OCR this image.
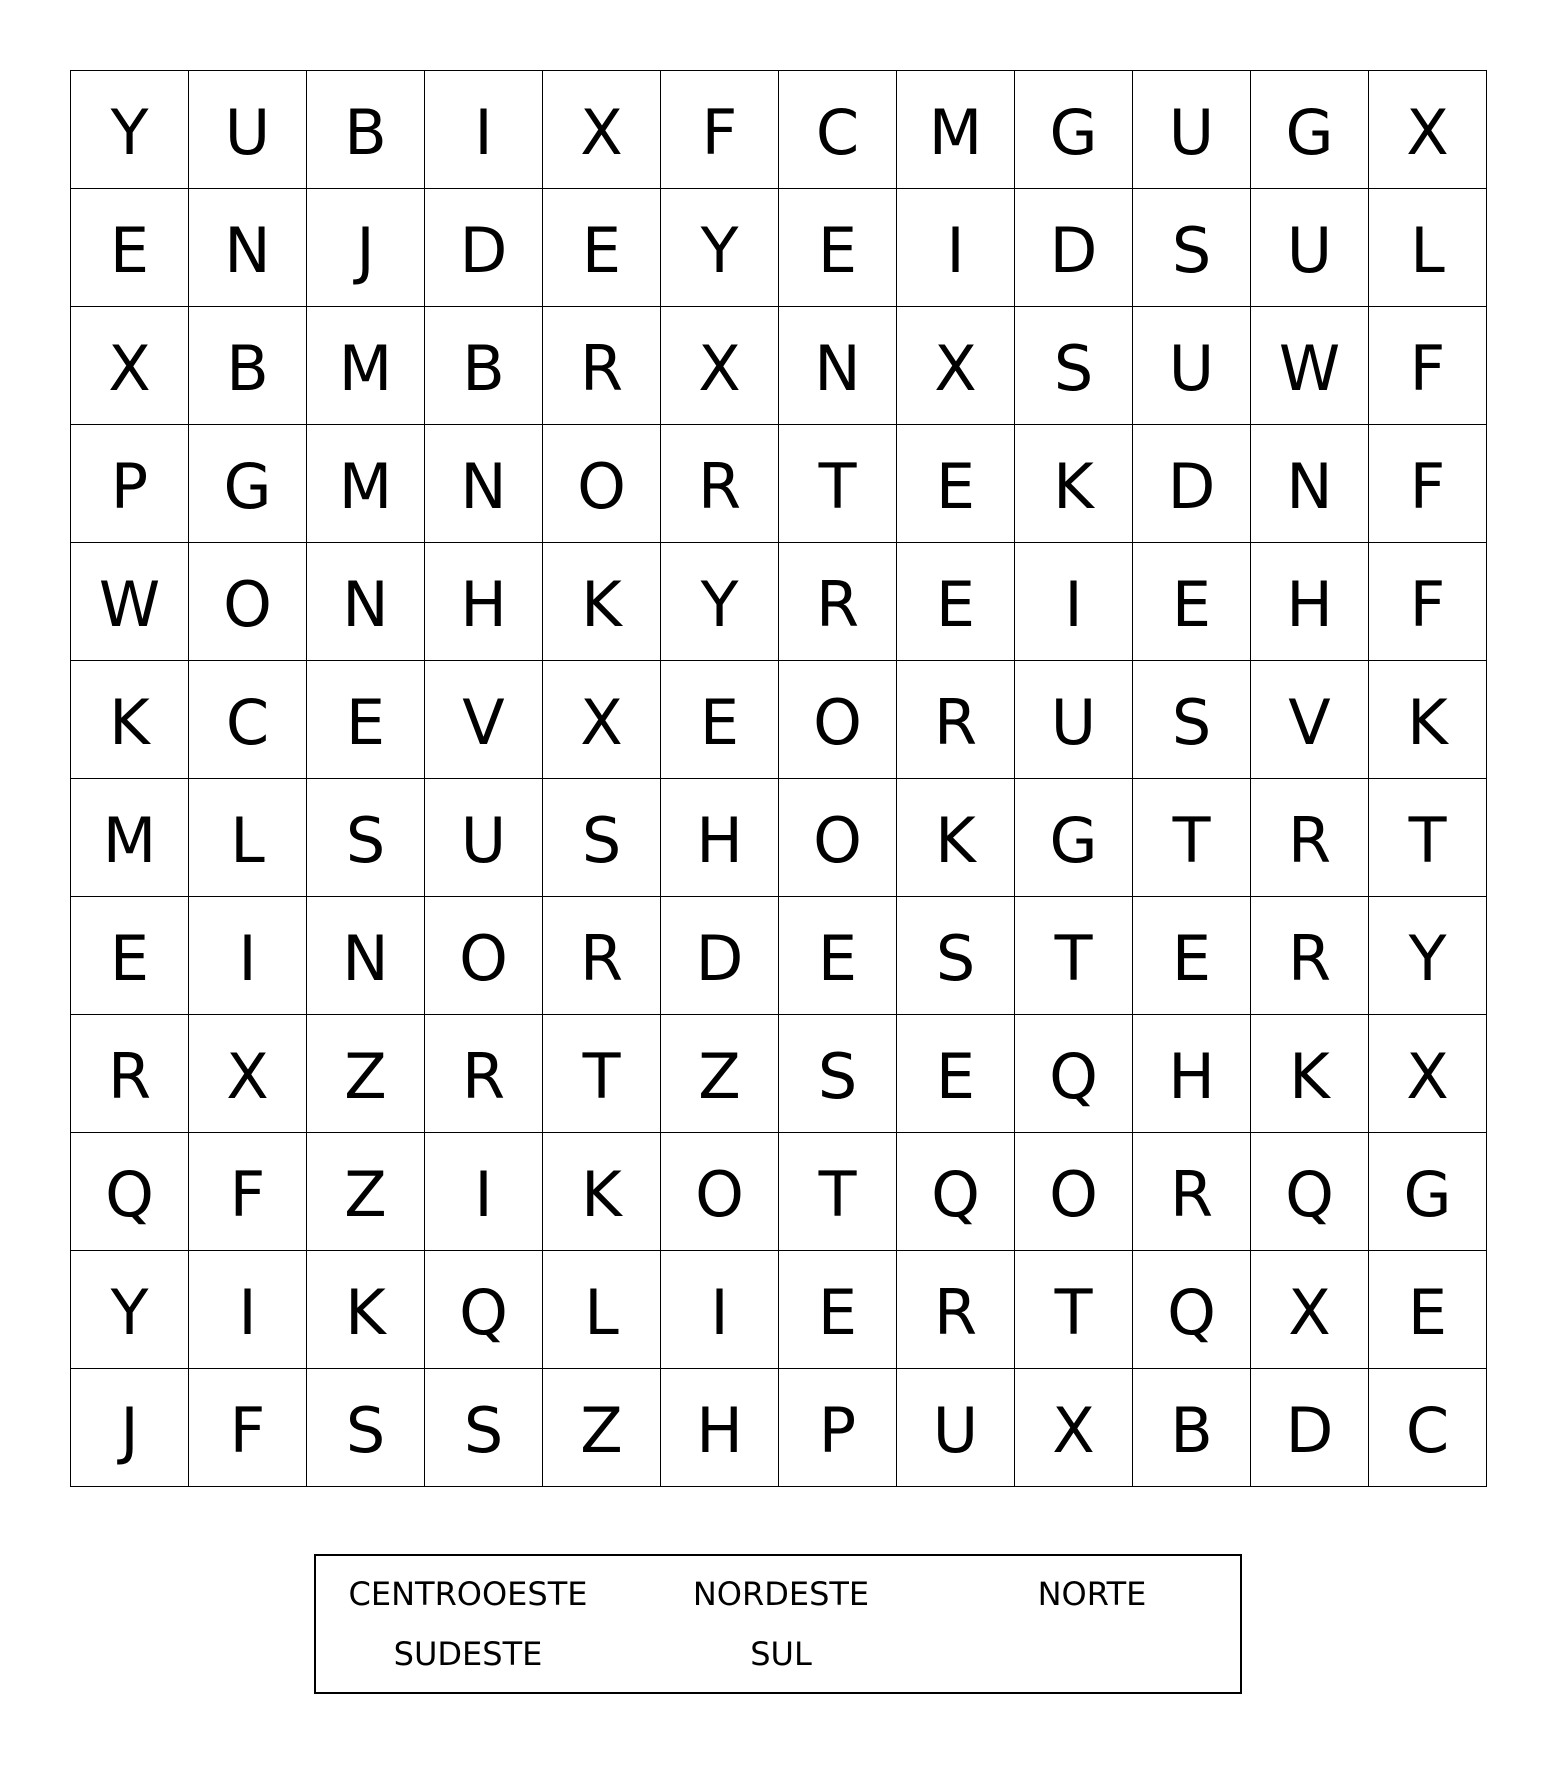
Y	U	B	I	X	F	C	M	G	U	G	X
E	N	J	D	E	Y	E	I	D	S	U	L
X	B	M	B	R	X	N	X	S	U	W	F
P	G	M	N	O	R	T	E	K	D	N	F
W	O	N	H	K	Y	R	E	I	E	H	F
K	C	E	V	X	E	O	R	U	S	V	K
M	L	S	U	S	H	O	K	G	T	R	T
E	I	N	O	R	D	E	S	T	E	R	Y
R	X	Z	R	T	Z	S	E	Q	H	K	X
Q	F	Z	I	K	O	T	Q	O	R	Q	G
Y	I	K	Q	L	I	E	R	T	Q	X	E
J	F	S	S	Z	H	P	U	X	B	D	C
CENTROOESTE	NORDESTE	NORTE
SUDESTE	SUL
